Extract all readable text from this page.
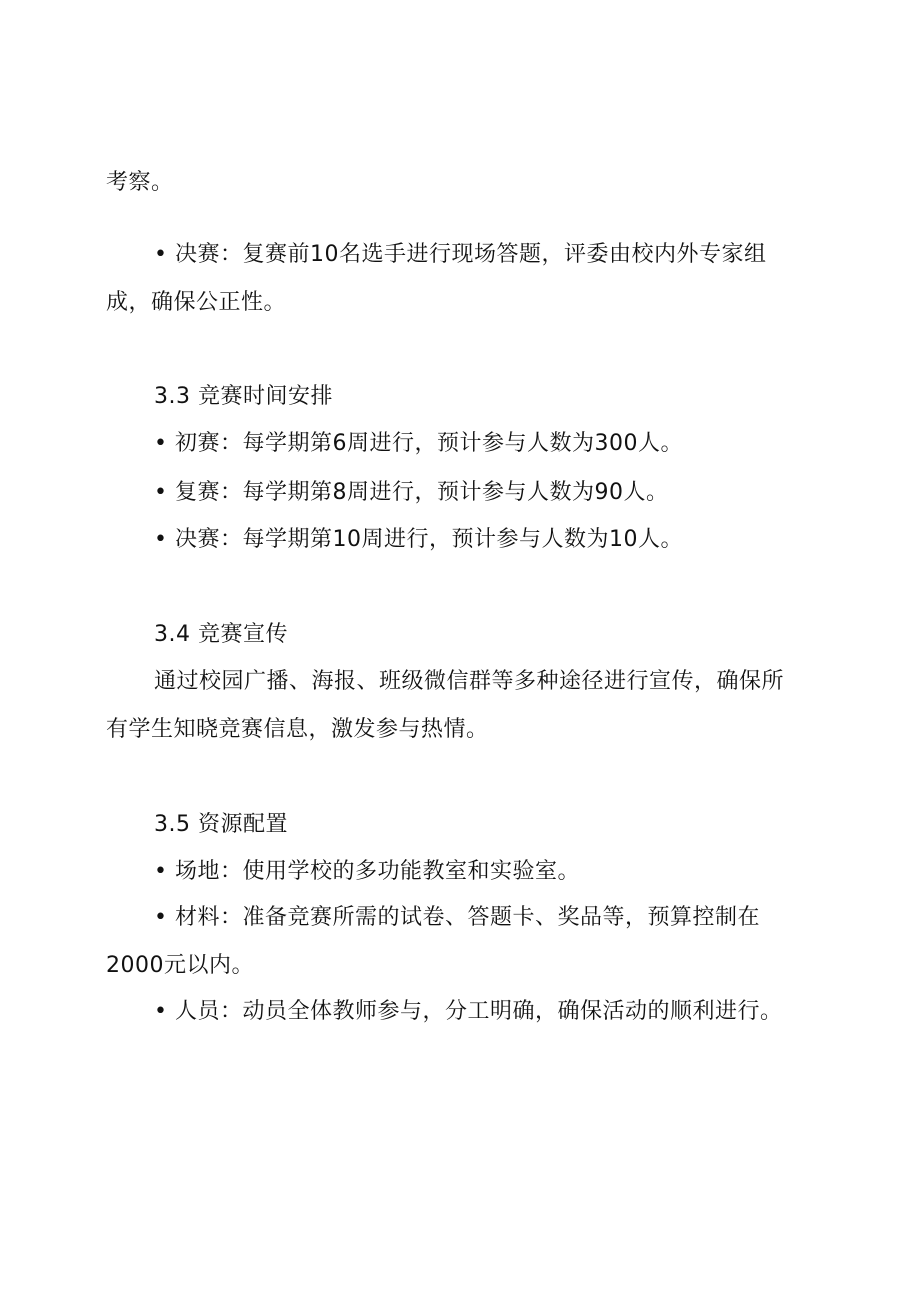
考察。
• 决赛：复赛前10名选手进行现场答题，评委由校内外专家组
成，确保公正性。
3.3 竞赛时间安排
• 初赛：每学期第6周进行，预计参与人数为300人。
• 复赛：每学期第8周进行，预计参与人数为90人。
• 决赛：每学期第10周进行，预计参与人数为10人。
3.4 竞赛宣传
通过校园广播、海报、班级微信群等多种途径进行宣传，确保所
有学生知晓竞赛信息，激发参与热情。
3.5 资源配置
• 场地：使用学校的多功能教室和实验室。
• 材料：准备竞赛所需的试卷、答题卡、奖品等，预算控制在
2000元以内。
• 人员：动员全体教师参与，分工明确，确保活动的顺利进行。
